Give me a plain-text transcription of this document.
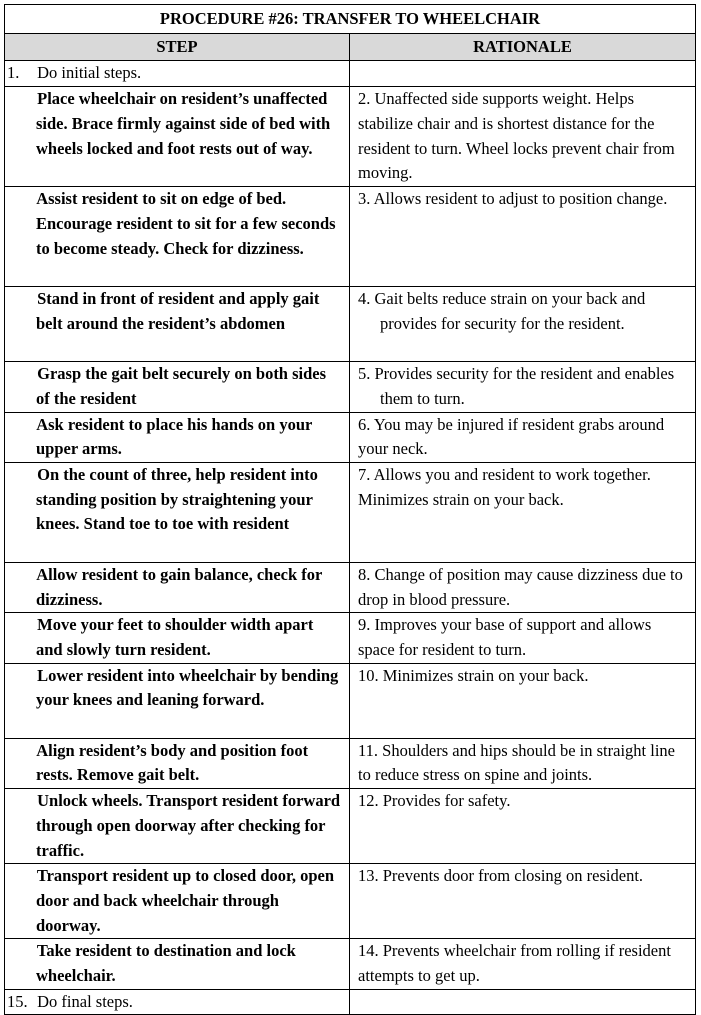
PROCEDURE #26: TRANSFER TO WHEELCHAIR	
STEP	RATIONALE
1. Do initial steps.	

Place wheelchair on resident’s unaffected side. Brace firmly against side of bed with wheels locked and foot rests out of way.	2. Unaffected side supports weight. Helps stabilize chair and is shortest distance for the resident to turn. Wheel locks prevent chair from moving.

Assist resident to sit on edge of bed. Encourage resident to sit for a few seconds to become steady. Check for dizziness.	3. Allows resident to adjust to position change.

Stand in front of resident and apply gait belt around the resident’s abdomen	4. Gait belts reduce strain on your back and provides for security for the resident.

Grasp the gait belt securely on both sides of the resident	5. Provides security for the resident and enables them to turn.

Ask resident to place his hands on your upper arms.	6. You may be injured if resident grabs around your neck.

On the count of three, help resident into standing position by straightening your knees. Stand toe to toe with resident	7. Allows you and resident to work together. Minimizes strain on your back.

Allow resident to gain balance, check for dizziness.	8. Change of position may cause dizziness due to drop in blood pressure.

Move your feet to shoulder width apart and slowly turn resident.	9. Improves your base of support and allows space for resident to turn.

Lower resident into wheelchair by bending your knees and leaning forward.	10. Minimizes strain on your back.

Align resident’s body and position foot rests. Remove gait belt.	11. Shoulders and hips should be in straight line to reduce stress on spine and joints.

Unlock wheels. Transport resident forward through open doorway after checking for traffic.	12. Provides for safety.

Transport resident up to closed door, open door and back wheelchair through doorway.	13. Prevents door from closing on resident.

Take resident to destination and lock wheelchair.	14. Prevents wheelchair from rolling if resident attempts to get up.
15. Do final steps.	
